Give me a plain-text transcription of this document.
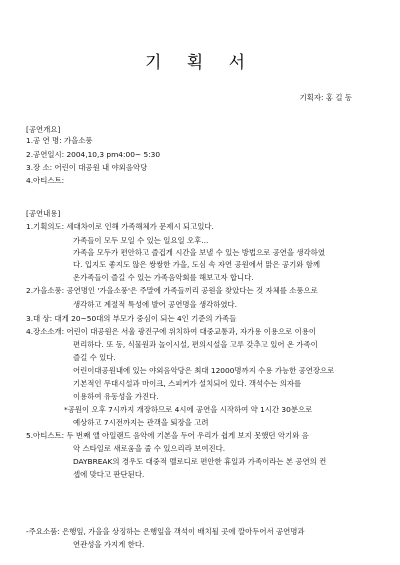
기 획 서
기획자: 홍 길 동
[공연개요]
1.공 연 명: 가을소풍
2.공연일시: 2004,10,3 pm4:00~ 5:30
3.장 소: 어린이 대공원 내 야외음악당
4.아티스트:
[공연내용]
1.기획의도: 세대차이로 인해 가족해체가 문제시 되고있다.
가족들이 모두 모일 수 있는 일요일 오후...
가족을 모두가 편안하고 즐겁게 시간을 보낼 수 있는 방법으로 공연을 생각하였
다. 입지도 좋지도 않은 쌍쌍한 가을, 도심 속 자연 공원에서 맑은 공기와 함께
온가족들이 즐길 수 있는 가족음악회를 해보고자 합니다.
2.가을소풍: 공연명인 '가을소풍'은 주말에 가족들끼리 공원을 찾았다는 것 자체를 소풍으로
생각하고 계절적 특성에 발어 공연명을 생각하였다.
3.대 상: 대게 20~50대의 부모가 중심이 되는 4인 기준의 가족들
4.장소소개: 어린이 대공원은 서울 광진구에 위치하여 대중교통과, 자가용 이용으로 이용이
편리하다. 또 동, 식물원과 놀이시설, 편의시설을 고루 갖추고 있어 온 가족이
즐길 수 있다.
어린이대공원내에 있는 야외음악당은 최대 12000명까지 수용 가능한 공연장으로
기본적인 무대시설과 마이크, 스피커가 설치되어 있다. 객석수는 의자를
이용하여 유동성을 가진다.
*공원이 오후 7시까지 개장하므로 4시에 공연을 시작하여 약 1시간 30분으로
예상하고 7시전까지는 관객을 퇴장을 고려
5.아티스트: 두 번째 앨 아일랜드 음악에 기본을 두어 우리가 쉽게 보지 못했던 악기와 음
악 스타일로 새로움을 줄 수 있으리라 보여진다.
DAYBREAK의 경우도 대중적 멜로디로 편안한 휴일과 가족이라는 본 공연의 컨
셉에 맞다고 판단된다.
-주요소품: 은행잎, 가을을 상징하는 은행잎을 객석이 배치될 곳에 깔아두어서 공연명과
연관성을 가지게 한다.
